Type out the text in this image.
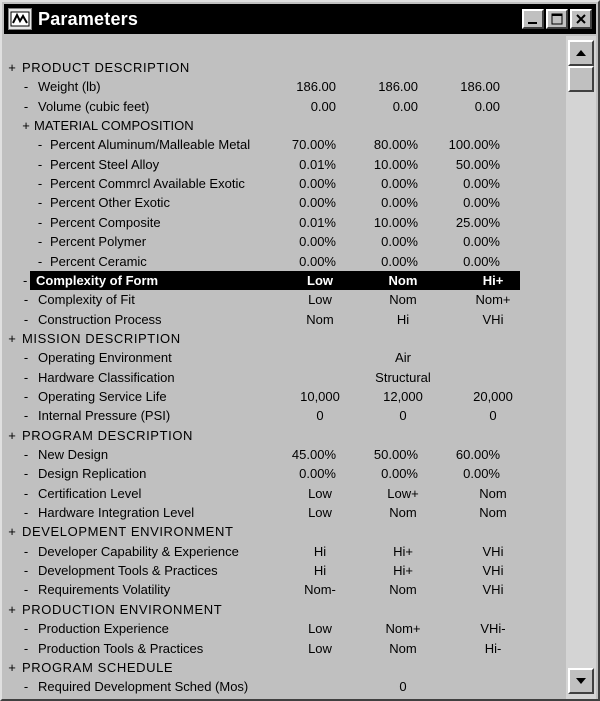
Parameters
+ PRODUCT DESCRIPTION
- Weight (lb)	186.00	186.00	186.00
- Volume (cubic feet)	0.00	0.00	0.00
+ MATERIAL COMPOSITION
- Percent Aluminum/Malleable Metal	70.00%	80.00%	100.00%
- Percent Steel Alloy	0.01%	10.00%	50.00%
- Percent Commrcl Available Exotic	0.00%	0.00%	0.00%
- Percent Other Exotic	0.00%	0.00%	0.00%
- Percent Composite	0.01%	10.00%	25.00%
- Percent Polymer	0.00%	0.00%	0.00%
- Percent Ceramic	0.00%	0.00%	0.00%
- Complexity of Form	Low	Nom	Hi+
- Complexity of Fit	Low	Nom	Nom+
- Construction Process	Nom	Hi	VHi
+ MISSION DESCRIPTION
- Operating Environment	Air
- Hardware Classification	Structural
- Operating Service Life	10,000	12,000	20,000
- Internal Pressure (PSI)	0	0	0
+ PROGRAM DESCRIPTION
- New Design	45.00%	50.00%	60.00%
- Design Replication	0.00%	0.00%	0.00%
- Certification Level	Low	Low+	Nom
- Hardware Integration Level	Low	Nom	Nom
+ DEVELOPMENT ENVIRONMENT
- Developer Capability & Experience	Hi	Hi+	VHi
- Development Tools & Practices	Hi	Hi+	VHi
- Requirements Volatility	Nom-	Nom	VHi
+ PRODUCTION ENVIRONMENT
- Production Experience	Low	Nom+	VHi-
- Production Tools & Practices	Low	Nom	Hi-
+ PROGRAM SCHEDULE
- Required Development Sched (Mos)	0
